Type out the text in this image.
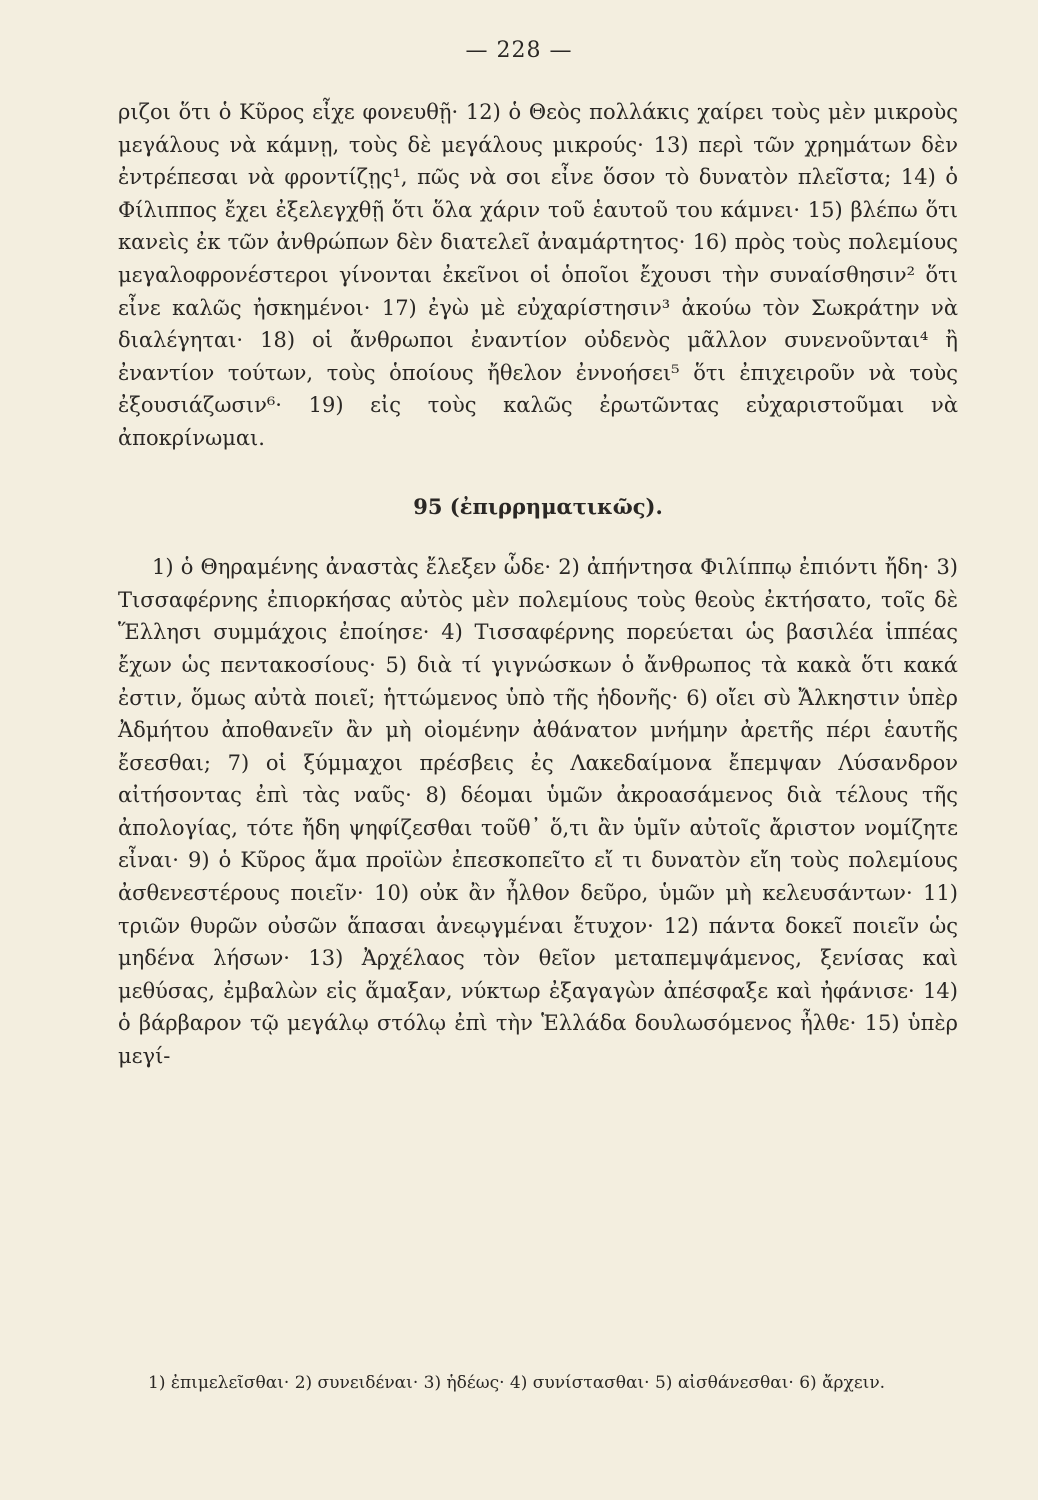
— 228 —

ριζοι ὅτι ὁ Κῦρος εἶχε φονευθῇ· 12) ὁ Θεὸς πολλάκις χαίρει τοὺς μὲν μικροὺς μεγάλους νὰ κάμνῃ, τοὺς δὲ μεγάλους μικρούς· 13) περὶ τῶν χρημάτων δὲν ἐντρέπεσαι νὰ φροντίζῃς¹, πῶς νὰ σοι εἶνε ὅσον τὸ δυνατὸν πλεῖστα; 14) ὁ Φίλιππος ἔχει ἐξελεγχθῇ ὅτι ὅλα χάριν τοῦ ἑαυτοῦ του κάμνει· 15) βλέπω ὅτι κανεὶς ἐκ τῶν ἀνθρώπων δὲν διατελεῖ ἀναμάρτητος· 16) πρὸς τοὺς πολεμίους μεγαλοφρονέστεροι γίνονται ἐκεῖνοι οἱ ὁποῖοι ἔχουσι τὴν συναίσθησιν² ὅτι εἶνε καλῶς ἠσκημένοι· 17) ἐγὼ μὲ εὐχαρίστησιν³ ἀκούω τὸν Σωκράτην νὰ διαλέγηται· 18) οἱ ἄνθρωποι ἐναντίον οὐδενὸς μᾶλλον συνενοῦνται⁴ ἢ ἐναντίον τούτων, τοὺς ὁποίους ἤθελον ἐννοήσει⁵ ὅτι ἐπιχειροῦν νὰ τοὺς ἐξουσιάζωσιν⁶· 19) εἰς τοὺς καλῶς ἐρωτῶντας εὐχαριστοῦμαι νὰ ἀποκρίνωμαι.

95 (ἐπιρρηματικῶς).

1) ὁ Θηραμένης ἀναστὰς ἔλεξεν ὧδε· 2) ἀπήντησα Φιλίππῳ ἐπιόντι ἤδη· 3) Τισσαφέρνης ἐπιορκήσας αὐτὸς μὲν πολεμίους τοὺς θεοὺς ἐκτήσατο, τοῖς δὲ Ἕλλησι συμμάχοις ἐποίησε· 4) Τισσαφέρνης πορεύεται ὡς βασιλέα ἱππέας ἔχων ὡς πεντακοσίους· 5) διὰ τί γιγνώσκων ὁ ἄνθρωπος τὰ κακὰ ὅτι κακά ἐστιν, ὅμως αὐτὰ ποιεῖ; ἡττώμενος ὑπὸ τῆς ἡδονῆς· 6) οἴει σὺ Ἄλκηστιν ὑπὲρ Ἀδμήτου ἀποθανεῖν ἂν μὴ οἰομένην ἀθάνατον μνήμην ἀρετῆς πέρι ἑαυτῆς ἔσεσθαι; 7) οἱ ξύμμαχοι πρέσβεις ἐς Λακεδαίμονα ἔπεμψαν Λύσανδρον αἰτήσοντας ἐπὶ τὰς ναῦς· 8) δέομαι ὑμῶν ἀκροασάμενος διὰ τέλους τῆς ἀπολογίας, τότε ἤδη ψηφίζεσθαι τοῦθ᾽ ὅ,τι ἂν ὑμῖν αὐτοῖς ἄριστον νομίζητε εἶναι· 9) ὁ Κῦρος ἅμα προϊὼν ἐπεσκοπεῖτο εἴ τι δυνατὸν εἴη τοὺς πολεμίους ἀσθενεστέρους ποιεῖν· 10) οὐκ ἂν ἦλθον δεῦρο, ὑμῶν μὴ κελευσάντων· 11) τριῶν θυρῶν οὐσῶν ἅπασαι ἀνεῳγμέναι ἔτυχον· 12) πάντα δοκεῖ ποιεῖν ὡς μηδένα λήσων· 13) Ἀρχέλαος τὸν θεῖον μεταπεμψάμενος, ξενίσας καὶ μεθύσας, ἐμβαλὼν εἰς ἅμαξαν, νύκτωρ ἐξαγαγὼν ἀπέσφαξε καὶ ἠφάνισε· 14) ὁ βάρβαρον τῷ μεγάλῳ στόλῳ ἐπὶ τὴν Ἑλλάδα δουλωσόμενος ἦλθε· 15) ὑπὲρ μεγί-

1) ἐπιμελεῖσθαι· 2) συνειδέναι· 3) ἡδέως· 4) συνίστασθαι· 5) αἰσθάνεσθαι· 6) ἄρχειν.
